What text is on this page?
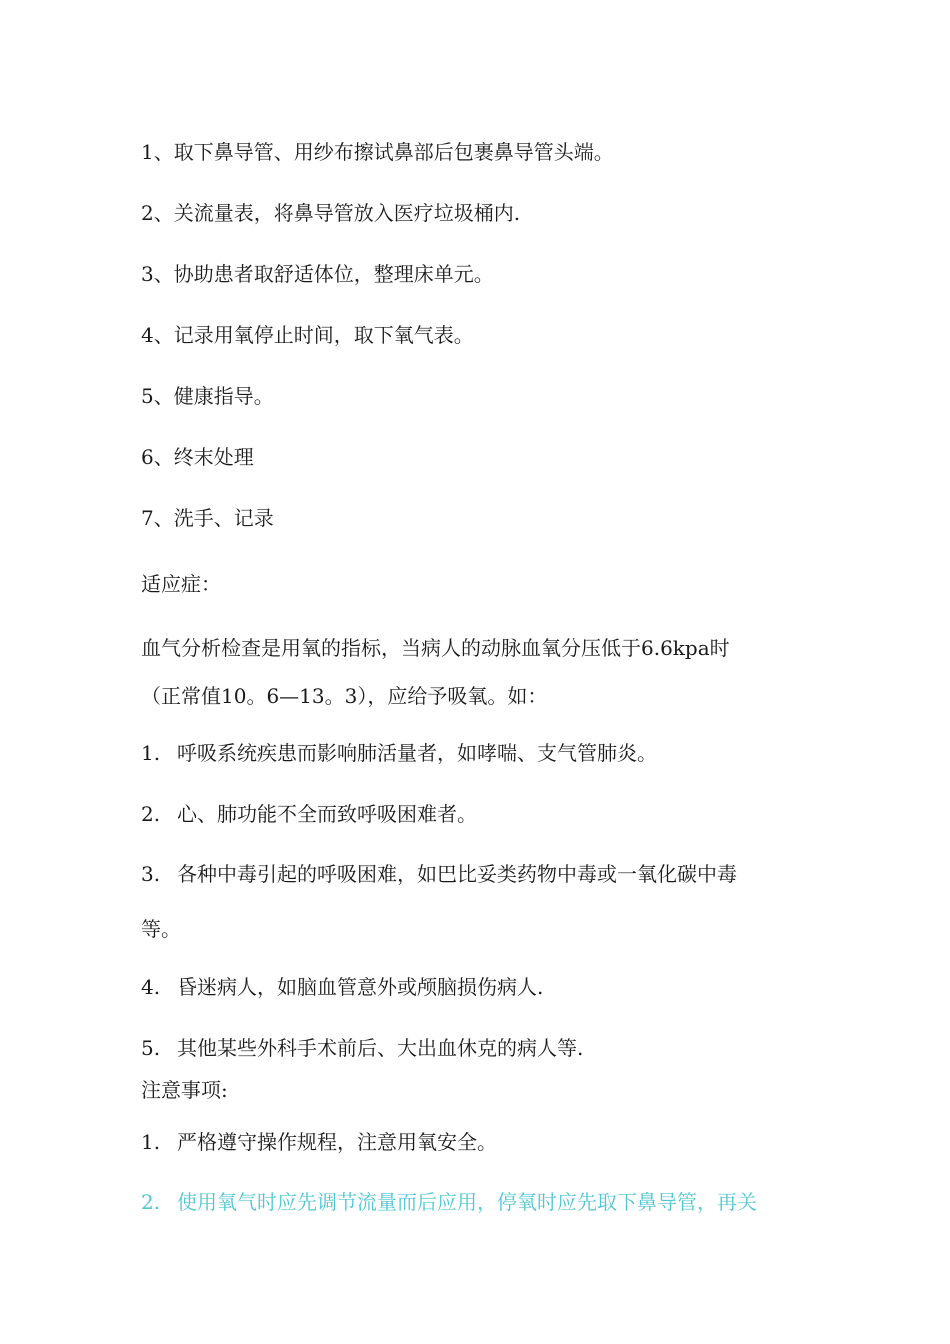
1、取下鼻导管、用纱布擦试鼻部后包裹鼻导管头端。
2、关流量表，将鼻导管放入医疗垃圾桶内.
3、协助患者取舒适体位，整理床单元。
4、记录用氧停止时间，取下氧气表。
5、健康指导。
6、终末处理
7、洗手、记录
适应症：
血气分析检查是用氧的指标，当病人的动脉血氧分压低于6.6kpa时
（正常值10。6—13。3），应给予吸氧。如：
1. 呼吸系统疾患而影响肺活量者，如哮喘、支气管肺炎。
2. 心、肺功能不全而致呼吸困难者。
3. 各种中毒引起的呼吸困难，如巴比妥类药物中毒或一氧化碳中毒
等。
4. 昏迷病人，如脑血管意外或颅脑损伤病人.
5. 其他某些外科手术前后、大出血休克的病人等.
注意事项:
1. 严格遵守操作规程，注意用氧安全。
2. 使用氧气时应先调节流量而后应用，停氧时应先取下鼻导管，再关
